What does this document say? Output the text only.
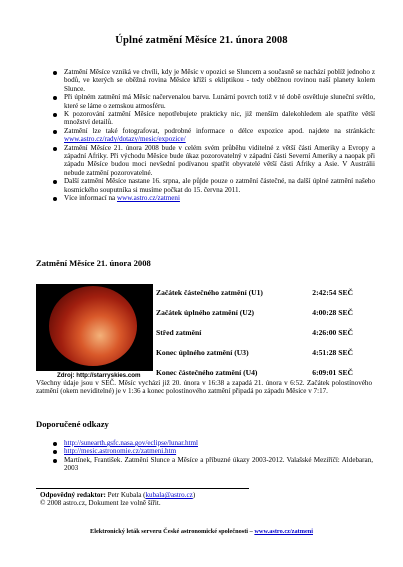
Úplné zatmění Měsíce 21. února 2008
Zatmění Měsíce vzniká ve chvíli, kdy je Měsíc v opozici se Sluncem a současně se nachází poblíž jednoho z bodů, ve kterých se oběžná rovina Měsíce kříží s ekliptikou - tedy oběžnou rovinou naší planety kolem Slunce.
Při úplném zatmění má Měsíc načervenalou barvu. Lunární povrch totiž v té době osvětluje sluneční světlo, které se láme o zemskou atmosféru.
K pozorování zatmění Měsíce nepotřebujete prakticky nic, již menším dalekohledem ale spatříte větší množství detailů.
Zatmění lze také fotografovat, podrobné informace o délce expozice apod. najdete na stránkách: www.astro.cz/rady/dotazy/mesic/expozice/
Zatmění Měsíce 21. února 2008 bude v celém svém průběhu viditelné z větší části Ameriky a Evropy a západní Afriky. Při východu Měsíce bude úkaz pozorovatelný v západní části Severní Ameriky a naopak při západu Měsíce budou moci nevšední podívanou spatřit obyvatelé větší části Afriky a Asie. V Austrálii nebude zatmění pozorovatelné.
Další zatmění Měsíce nastane 16. srpna, ale půjde pouze o zatmění částečné, na další úplné zatmění našeho kosmického souputníka si musíme počkat do 15. června 2011.
Více informací na www.astro.cz/zatmeni
Zatmění Měsíce 21. února 2008
Zdroj: http://starryskies.com
Začátek částečného zatmění (U1)	2:42:54 SEČ
Začátek úplného zatmění (U2)	4:00:28 SEČ
Střed zatmění	4:26:00 SEČ
Konec úplného zatmění (U3)	4:51:28 SEČ
Konec částečného zatmění (U4)	6:09:01 SEČ
Všechny údaje jsou v SEČ. Měsíc vychází již 20. února v 16:38 a zapadá 21. února v 6:52. Začátek polostínového zatmění (okem neviditelné) je v 1:36 a konec polostínového zatmění připadá po západu Měsíce v 7:17.
Doporučené odkazy
http://sunearth.gsfc.nasa.gov/eclipse/lunar.html
http://mesic.astronomie.cz/zatmeni.htm
Martínek, František. Zatmění Slunce a Měsíce a příbuzné úkazy 2003-2012. Valašské Meziříčí: Aldebaran, 2003
Odpovědný redaktor: Petr Kubala (kubala@astro.cz)
© 2008 astro.cz, Dokument lze volně šířit.
Elektronický leták serveru České astronomické společnosti – www.astro.cz/zatmeni
